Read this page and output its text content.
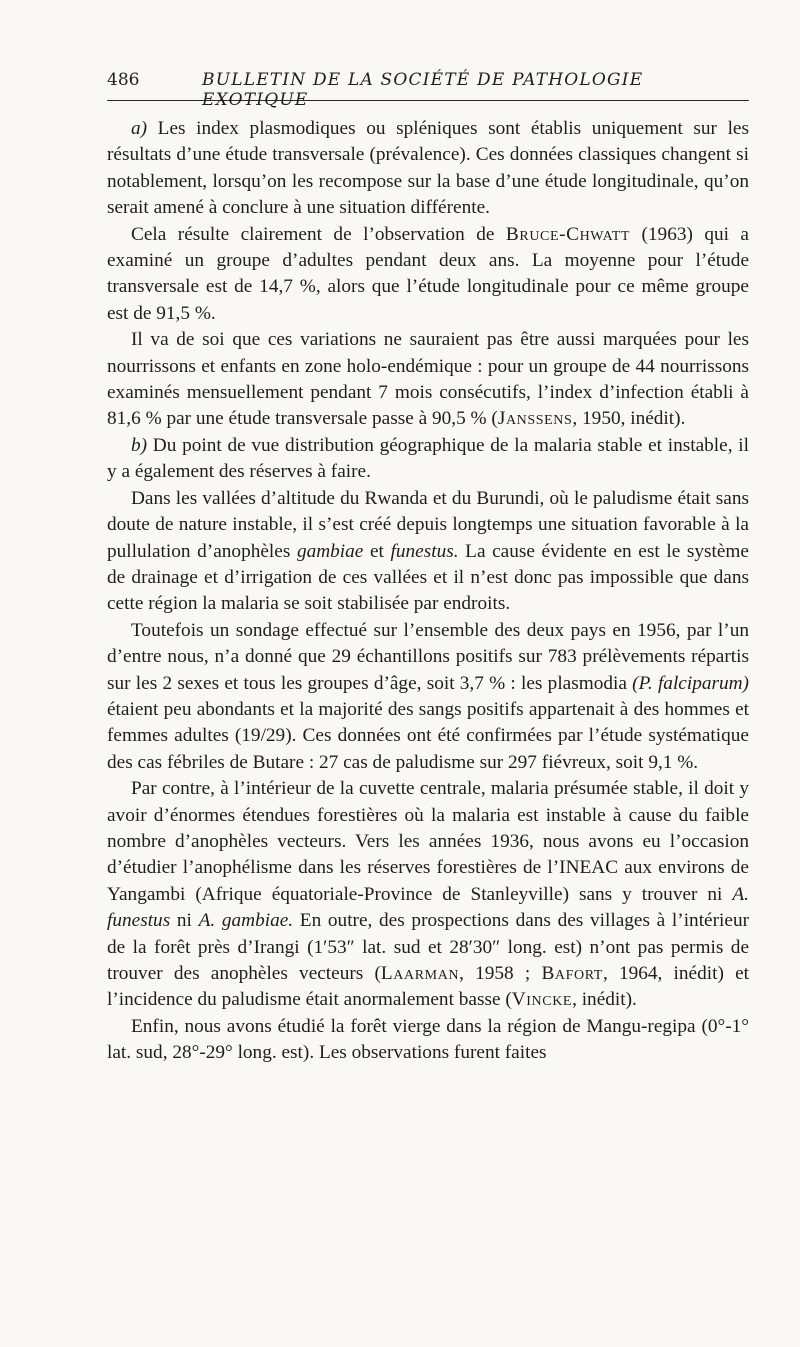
486	BULLETIN DE LA SOCIÉTÉ DE PATHOLOGIE EXOTIQUE

a) Les index plasmodiques ou spléniques sont établis uniquement sur les résultats d’une étude transversale (prévalence). Ces données classiques changent si notablement, lorsqu’on les recompose sur la base d’une étude longitudinale, qu’on serait amené à conclure à une situation différente.

Cela résulte clairement de l’observation de Bruce-Chwatt (1963) qui a examiné un groupe d’adultes pendant deux ans. La moyenne pour l’étude transversale est de 14,7 %, alors que l’étude longitudinale pour ce même groupe est de 91,5 %.

Il va de soi que ces variations ne sauraient pas être aussi marquées pour les nourrissons et enfants en zone holo-endémique : pour un groupe de 44 nourrissons examinés mensuellement pendant 7 mois consécutifs, l’index d’infection établi à 81,6 % par une étude transversale passe à 90,5 % (Janssens, 1950, inédit).

b) Du point de vue distribution géographique de la malaria stable et instable, il y a également des réserves à faire.

Dans les vallées d’altitude du Rwanda et du Burundi, où le paludisme était sans doute de nature instable, il s’est créé depuis longtemps une situation favorable à la pullulation d’anophèles gambiae et funestus. La cause évidente en est le système de drainage et d’irrigation de ces vallées et il n’est donc pas impossible que dans cette région la malaria se soit stabilisée par endroits.

Toutefois un sondage effectué sur l’ensemble des deux pays en 1956, par l’un d’entre nous, n’a donné que 29 échantillons positifs sur 783 prélèvements répartis sur les 2 sexes et tous les groupes d’âge, soit 3,7 % : les plasmodia (P. falciparum) étaient peu abondants et la majorité des sangs positifs appartenait à des hommes et femmes adultes (19/29). Ces données ont été confirmées par l’étude systématique des cas fébriles de Butare : 27 cas de paludisme sur 297 fiévreux, soit 9,1 %.

Par contre, à l’intérieur de la cuvette centrale, malaria présumée stable, il doit y avoir d’énormes étendues forestières où la malaria est instable à cause du faible nombre d’anophèles vecteurs. Vers les années 1936, nous avons eu l’occasion d’étudier l’anophélisme dans les réserves forestières de l’INEAC aux environs de Yangambi (Afrique équatoriale-Province de Stanleyville) sans y trouver ni A. funestus ni A. gambiae. En outre, des prospections dans des villages à l’intérieur de la forêt près d’Irangi (1′53″ lat. sud et 28′30″ long. est) n’ont pas permis de trouver des anophèles vecteurs (Laarman, 1958 ; Bafort, 1964, inédit) et l’incidence du paludisme était anormalement basse (Vincke, inédit).

Enfin, nous avons étudié la forêt vierge dans la région de Mangu-regipa (0°-1° lat. sud, 28°-29° long. est). Les observations furent faites
